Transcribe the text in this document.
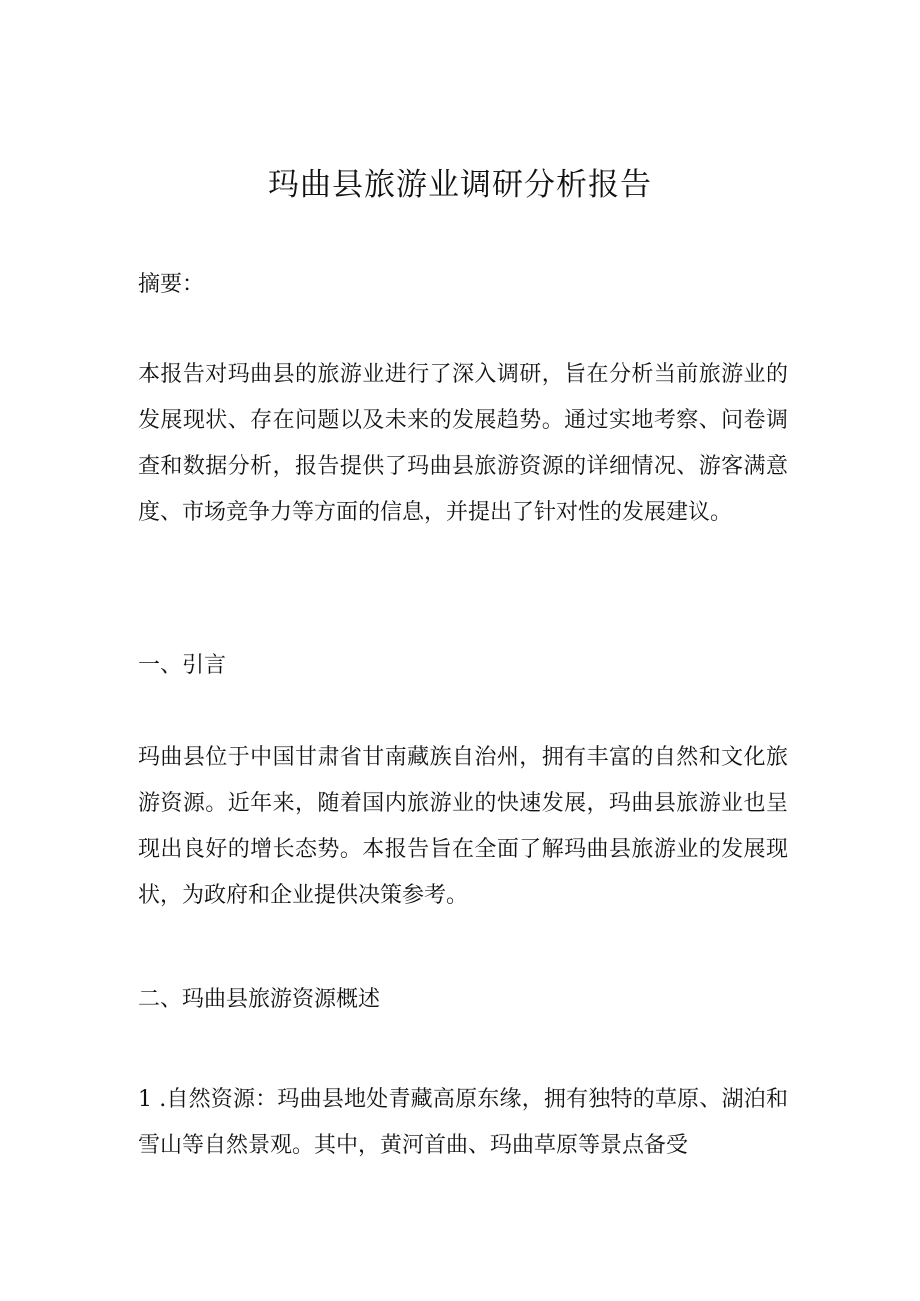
玛曲县旅游业调研分析报告

摘要：

本报告对玛曲县的旅游业进行了深入调研，旨在分析当前旅游业的发展现状、存在问题以及未来的发展趋势。通过实地考察、问卷调查和数据分析，报告提供了玛曲县旅游资源的详细情况、游客满意度、市场竞争力等方面的信息，并提出了针对性的发展建议。

一、引言

玛曲县位于中国甘肃省甘南藏族自治州，拥有丰富的自然和文化旅游资源。近年来，随着国内旅游业的快速发展，玛曲县旅游业也呈现出良好的增长态势。本报告旨在全面了解玛曲县旅游业的发展现状，为政府和企业提供决策参考。

二、玛曲县旅游资源概述

1 .自然资源：玛曲县地处青藏高原东缘，拥有独特的草原、湖泊和雪山等自然景观。其中，黄河首曲、玛曲草原等景点备受
